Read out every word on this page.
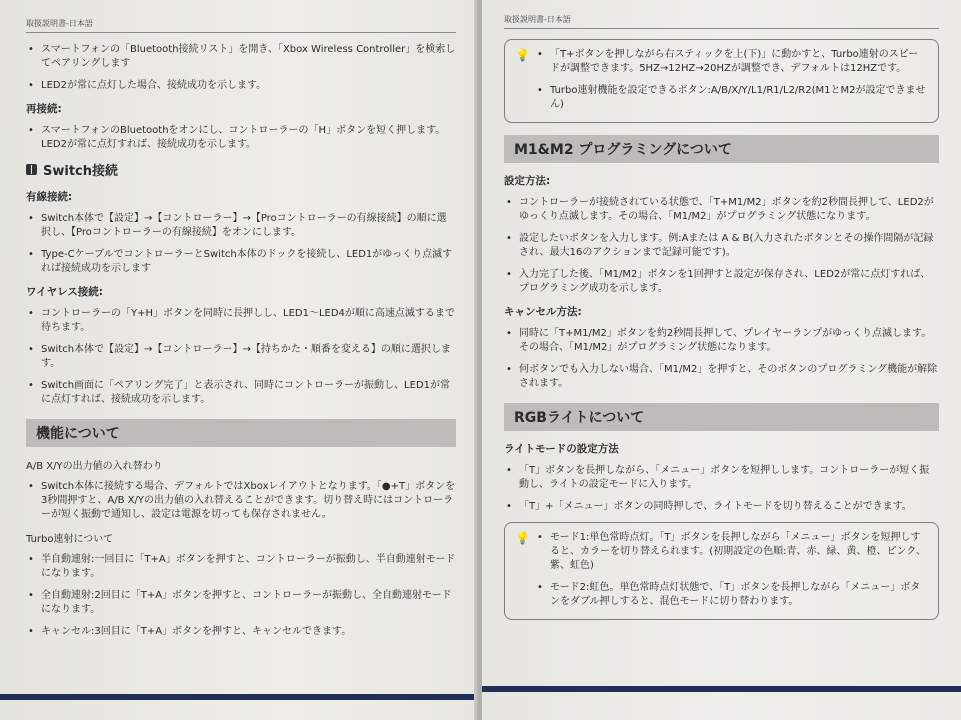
取扱説明書-日本語
• スマートフォンの「Bluetooth接続リスト」を開き、「Xbox Wireless Controller」を検索してペアリングします
• LED2が常に点灯した場合、接続成功を示します。
再接続:
• スマートフォンのBluetoothをオンにし、コントローラーの「H」ボタンを短く押します。LED2が常に点灯すれば、接続成功を示します。
Switch接続
有線接続:
• Switch本体で【設定】→【コントローラー】→【Proコントローラーの有線接続】の順に選択し、【Proコントローラーの有線接続】をオンにします。
• Type-CケーブルでコントローラーとSwitch本体のドックを接続し、LED1がゆっくり点滅すれば接続成功を示します
ワイヤレス接続:
• コントローラーの「Y+H」ボタンを同時に長押しし、LED1〜LED4が順に高速点滅するまで待ちます。
• Switch本体で【設定】→【コントローラー】→【持ちかた・順番を変える】の順に選択します。
• Switch画面に「ペアリング完了」と表示され、同時にコントローラーが振動し、LED1が常に点灯すれば、接続成功を示します。
機能について
A/B X/Yの出力値の入れ替わり
• Switch本体に接続する場合、デフォルトではXboxレイアウトとなります。「●+T」ボタンを3秒間押すと、A/B X/Yの出力値の入れ替えることができます。切り替え時にはコントローラーが短く振動で通知し、設定は電源を切っても保存されません。
Turbo連射について
• 半自動連射:一回目に「T+A」ボタンを押すと、コントローラーが振動し、半自動連射モードになります。
• 全自動連射:2回目に「T+A」ボタンを押すと、コントローラーが振動し、全自動連射モードになります。
• キャンセル:3回目に「T+A」ボタンを押すと、キャンセルできます。
取扱説明書-日本語
💡	• 「T+ボタンを押しながら右スティックを上(下)」に動かすと、Turbo連射のスピードが調整できます。5HZ→12HZ→20HZが調整でき、デフォルトは12HZです。
• Turbo連射機能を設定できるボタン:A/B/X/Y/L1/R1/L2/R2(M1とM2が設定できません)
M1&M2 プログラミングについて
設定方法:
• コントローラーが接続されている状態で、「T+M1/M2」ボタンを約2秒間長押して、LED2がゆっくり点滅します。その場合、「M1/M2」がプログラミング状態になります。
• 設定したいボタンを入力します。例:Aまたは A & B(入力されたボタンとその操作間隔が記録され、最大16のアクションまで記録可能です)。
• 入力完了した後、「M1/M2」ボタンを1回押すと設定が保存され、LED2が常に点灯すれば、プログラミング成功を示します。
キャンセル方法:
• 同時に「T+M1/M2」ボタンを約2秒間長押して、プレイヤーランプがゆっくり点滅します。その場合、「M1/M2」がプログラミング状態になります。
• 何ボタンでも入力しない場合、「M1/M2」を押すと、そのボタンのプログラミング機能が解除されます。
RGBライトについて
ライトモードの設定方法
• 「T」ボタンを長押しながら、「メニュー」ボタンを短押しします。コントローラーが短く振動し、ライトの設定モードに入ります。
• 「T」+「メニュー」ボタンの同時押しで、ライトモードを切り替えることができます。
💡	• モード1:単色常時点灯。「T」ボタンを長押しながら「メニュー」ボタンを短押しすると、カラーを切り替えられます。(初期設定の色順:青、赤、緑、黄、橙、ピンク、紫、虹色)
• モード2:虹色。単色常時点灯状態で、「T」ボタンを長押しながら「メニュー」ボタンをダブル押しすると、混色モードに切り替わります。
